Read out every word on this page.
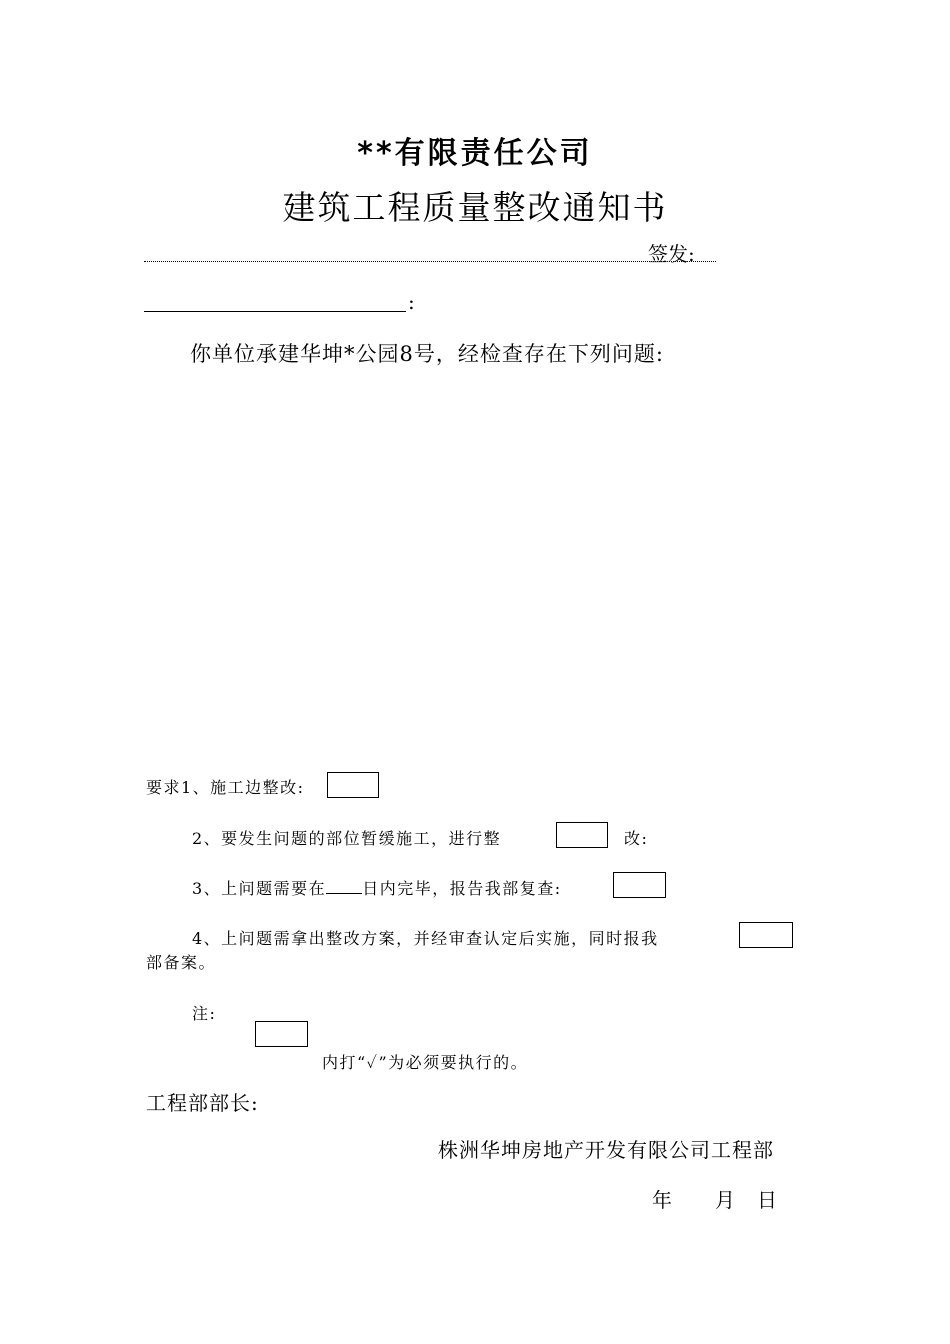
**有限责任公司
建筑工程质量整改通知书
签发:
:
你单位承建华坤*公园8号，经检查存在下列问题:
要求1、施工边整改:
2、要发生问题的部位暂缓施工，进行整	改:
3、上问题需要在 日内完毕，报告我部复查:
4、上问题需拿出整改方案，并经审查认定后实施，同时报我
部备案。
注:
内打“✓”为必须要执行的。
工程部部长:
株洲华坤房地产开发有限公司工程部
年　　月　日
